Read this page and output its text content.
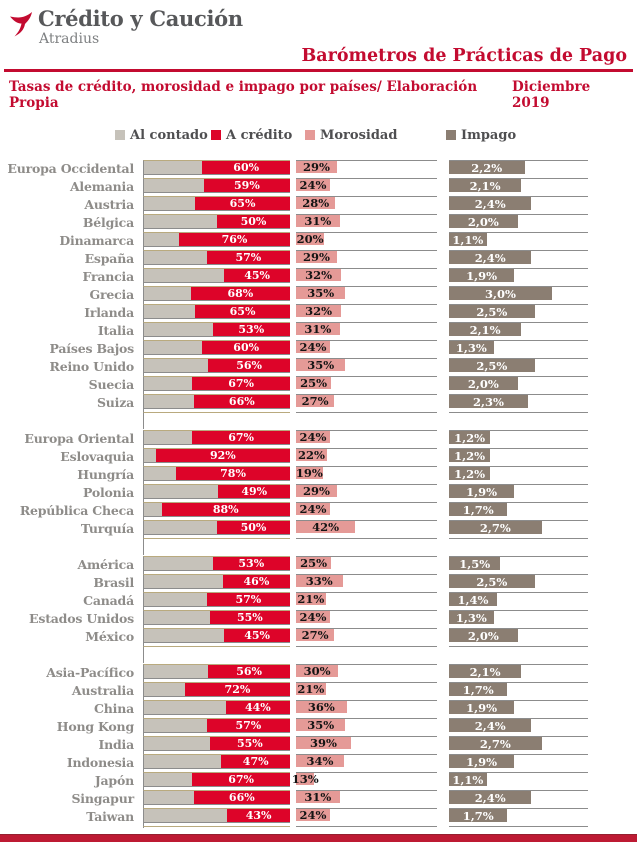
Crédito y Caución
Atradius
Barómetros de Prácticas de Pago
Tasas de crédito, morosidad e impago por países/ Elaboración Propia
Diciembre 2019
Al contado A crédito Morosidad	Impago
Europa Occidental	60%	29%	2,2%
Alemania	59%	24%	2,1%
Austria	65%	28%	2,4%
Bélgica	50%	31%	2,0%
Dinamarca	76%	20%	1,1%
España	57%	29%	2,4%
Francia	45%	32%	1,9%
Grecia	68%	35%	3,0%
Irlanda	65%	32%	2,5%
Italia	53%	31%	2,1%
Países Bajos	60%	24%	1,3%
Reino Unido	56%	35%	2,5%
Suecia	67%	25%	2,0%
Suiza	66%	27%	2,3%
Europa Oriental	67%	24%	1,2%
Eslovaquia	92%	22%	1,2%
Hungría	78%	19%	1,2%
Polonia	49%	29%	1,9%
República Checa	88%	24%	1,7%
Turquía	50%	42%	2,7%
América	53%	25%	1,5%
Brasil	46%	33%	2,5%
Canadá	57%	21%	1,4%
Estados Unidos	55%	24%	1,3%
México	45%	27%	2,0%
Asia-Pacífico	56%	30%	2,1%
Australia	72%	21%	1,7%
China	44%	36%	1,9%
Hong Kong	57%	35%	2,4%
India	55%	39%	2,7%
Indonesia	47%	34%	1,9%
Japón	67%	13%	1,1%
Singapur	66%	31%	2,4%
Taiwan	43% 24%	1,7%
